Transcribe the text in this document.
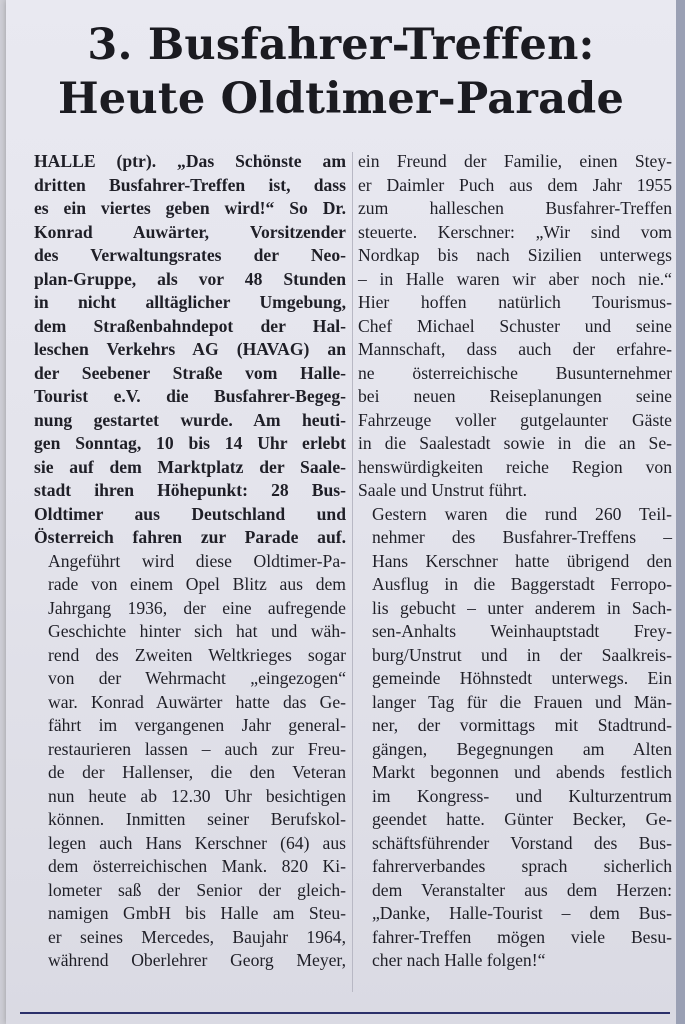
3. Busfahrer-Treffen:
Heute Oldtimer-Parade

HALLE (ptr). „Das Schönste am
dritten Busfahrer-Treffen ist, dass
es ein viertes geben wird!“ So Dr.
Konrad Auwärter, Vorsitzender
des Verwaltungsrates der Neo-
plan-Gruppe, als vor 48 Stunden
in nicht alltäglicher Umgebung,
dem Straßenbahndepot der Hal-
leschen Verkehrs AG (HAVAG) an
der Seebener Straße vom Halle-
Tourist e.V. die Busfahrer-Begeg-
nung gestartet wurde. Am heuti-
gen Sonntag, 10 bis 14 Uhr erlebt
sie auf dem Marktplatz der Saale-
stadt ihren Höhepunkt: 28 Bus-
Oldtimer aus Deutschland und
Österreich fahren zur Parade auf.

Angeführt wird diese Oldtimer-Pa-
rade von einem Opel Blitz aus dem
Jahrgang 1936, der eine aufregende
Geschichte hinter sich hat und wäh-
rend des Zweiten Weltkrieges sogar
von der Wehrmacht „eingezogen“
war. Konrad Auwärter hatte das Ge-
fährt im vergangenen Jahr general-
restaurieren lassen – auch zur Freu-
de der Hallenser, die den Veteran
nun heute ab 12.30 Uhr besichtigen
können. Inmitten seiner Berufskol-
legen auch Hans Kerschner (64) aus
dem österreichischen Mank. 820 Ki-
lometer saß der Senior der gleich-
namigen GmbH bis Halle am Steu-
er seines Mercedes, Baujahr 1964,
während Oberlehrer Georg Meyer,

ein Freund der Familie, einen Stey-
er Daimler Puch aus dem Jahr 1955
zum halleschen Busfahrer-Treffen
steuerte. Kerschner: „Wir sind vom
Nordkap bis nach Sizilien unterwegs
– in Halle waren wir aber noch nie.“
Hier hoffen natürlich Tourismus-
Chef Michael Schuster und seine
Mannschaft, dass auch der erfahre-
ne österreichische Busunternehmer
bei neuen Reiseplanungen seine
Fahrzeuge voller gutgelaunter Gäste
in die Saalestadt sowie in die an Se-
henswürdigkeiten reiche Region von
Saale und Unstrut führt.

Gestern waren die rund 260 Teil-
nehmer des Busfahrer-Treffens –
Hans Kerschner hatte übrigend den
Ausflug in die Baggerstadt Ferropo-
lis gebucht – unter anderem in Sach-
sen-Anhalts Weinhauptstadt Frey-
burg/Unstrut und in der Saalkreis-
gemeinde Höhnstedt unterwegs. Ein
langer Tag für die Frauen und Män-
ner, der vormittags mit Stadtrund-
gängen, Begegnungen am Alten
Markt begonnen und abends festlich
im Kongress- und Kulturzentrum
geendet hatte. Günter Becker, Ge-
schäftsführender Vorstand des Bus-
fahrerverbandes sprach sicherlich
dem Veranstalter aus dem Herzen:
„Danke, Halle-Tourist – dem Bus-
fahrer-Treffen mögen viele Besu-
cher nach Halle folgen!“
